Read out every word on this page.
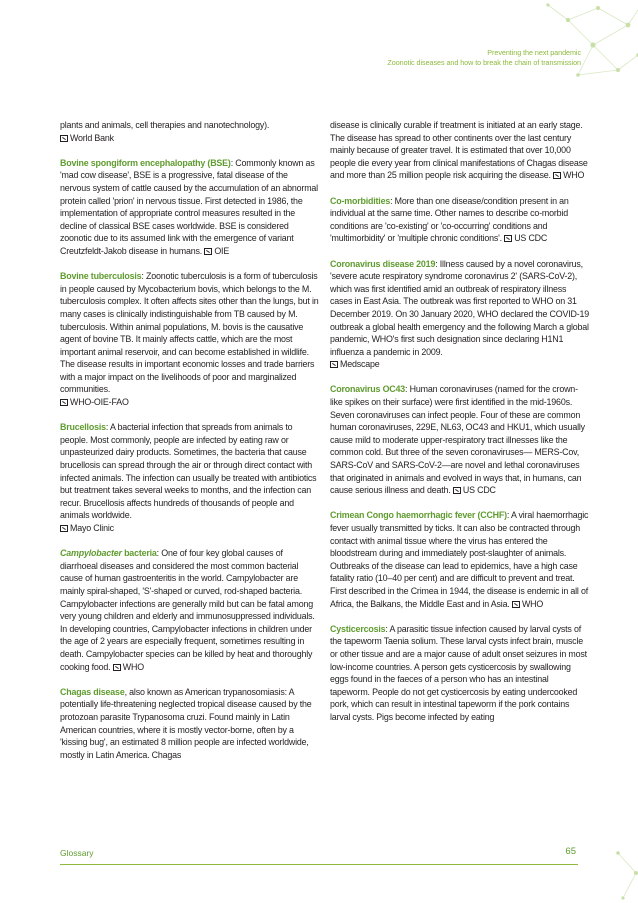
Preventing the next pandemic
Zoonotic diseases and how to break the chain of transmission

plants and animals, cell therapies and nanotechnology).
World Bank

Bovine spongiform encephalopathy (BSE): Commonly known as 'mad cow disease', BSE is a progressive, fatal disease of the nervous system of cattle caused by the accumulation of an abnormal protein called 'prion' in nervous tissue. First detected in 1986, the implementation of appropriate control measures resulted in the decline of classical BSE cases worldwide. BSE is considered zoonotic due to its assumed link with the emergence of variant Creutzfeldt-Jakob disease in humans. OIE

Bovine tuberculosis: Zoonotic tuberculosis is a form of tuberculosis in people caused by Mycobacterium bovis, which belongs to the M. tuberculosis complex. It often affects sites other than the lungs, but in many cases is clinically indistinguishable from TB caused by M. tuberculosis. Within animal populations, M. bovis is the causative agent of bovine TB. It mainly affects cattle, which are the most important animal reservoir, and can become established in wildlife. The disease results in important economic losses and trade barriers with a major impact on the livelihoods of poor and marginalized communities.
WHO-OIE-FAO

Brucellosis: A bacterial infection that spreads from animals to people. Most commonly, people are infected by eating raw or unpasteurized dairy products. Sometimes, the bacteria that cause brucellosis can spread through the air or through direct contact with infected animals. The infection can usually be treated with antibiotics but treatment takes several weeks to months, and the infection can recur. Brucellosis affects hundreds of thousands of people and animals worldwide.
Mayo Clinic

Campylobacter bacteria: One of four key global causes of diarrhoeal diseases and considered the most common bacterial cause of human gastroenteritis in the world. Campylobacter are mainly spiral-shaped, 'S'-shaped or curved, rod-shaped bacteria. Campylobacter infections are generally mild but can be fatal among very young children and elderly and immunosuppressed individuals. In developing countries, Campylobacter infections in children under the age of 2 years are especially frequent, sometimes resulting in death. Campylobacter species can be killed by heat and thoroughly cooking food. WHO

Chagas disease, also known as American trypanosomiasis: A potentially life-threatening neglected tropical disease caused by the protozoan parasite Trypanosoma cruzi. Found mainly in Latin American countries, where it is mostly vector-borne, often by a 'kissing bug', an estimated 8 million people are infected worldwide, mostly in Latin America. Chagas

disease is clinically curable if treatment is initiated at an early stage. The disease has spread to other continents over the last century mainly because of greater travel. It is estimated that over 10,000 people die every year from clinical manifestations of Chagas disease and more than 25 million people risk acquiring the disease. WHO

Co-morbidities: More than one disease/condition present in an individual at the same time. Other names to describe co-morbid conditions are 'co-existing' or 'co-occurring' conditions and 'multimorbidity' or 'multiple chronic conditions'. US CDC

Coronavirus disease 2019: Illness caused by a novel coronavirus, 'severe acute respiratory syndrome coronavirus 2' (SARS-CoV-2), which was first identified amid an outbreak of respiratory illness cases in East Asia. The outbreak was first reported to WHO on 31 December 2019. On 30 January 2020, WHO declared the COVID-19 outbreak a global health emergency and the following March a global pandemic, WHO's first such designation since declaring H1N1 influenza a pandemic in 2009.
Medscape

Coronavirus OC43: Human coronaviruses (named for the crown-like spikes on their surface) were first identified in the mid-1960s. Seven coronaviruses can infect people. Four of these are common human coronaviruses, 229E, NL63, OC43 and HKU1, which usually cause mild to moderate upper-respiratory tract illnesses like the common cold. But three of the seven coronaviruses— MERS-Cov, SARS-CoV and SARS-CoV-2—are novel and lethal coronaviruses that originated in animals and evolved in ways that, in humans, can cause serious illness and death. US CDC

Crimean Congo haemorrhagic fever (CCHF): A viral haemorrhagic fever usually transmitted by ticks. It can also be contracted through contact with animal tissue where the virus has entered the bloodstream during and immediately post-slaughter of animals. Outbreaks of the disease can lead to epidemics, have a high case fatality ratio (10–40 per cent) and are difficult to prevent and treat. First described in the Crimea in 1944, the disease is endemic in all of Africa, the Balkans, the Middle East and in Asia. WHO

Cysticercosis: A parasitic tissue infection caused by larval cysts of the tapeworm Taenia solium. These larval cysts infect brain, muscle or other tissue and are a major cause of adult onset seizures in most low-income countries. A person gets cysticercosis by swallowing eggs found in the faeces of a person who has an intestinal tapeworm. People do not get cysticercosis by eating undercooked pork, which can result in intestinal tapeworm if the pork contains larval cysts. Pigs become infected by eating

Glossary	65
